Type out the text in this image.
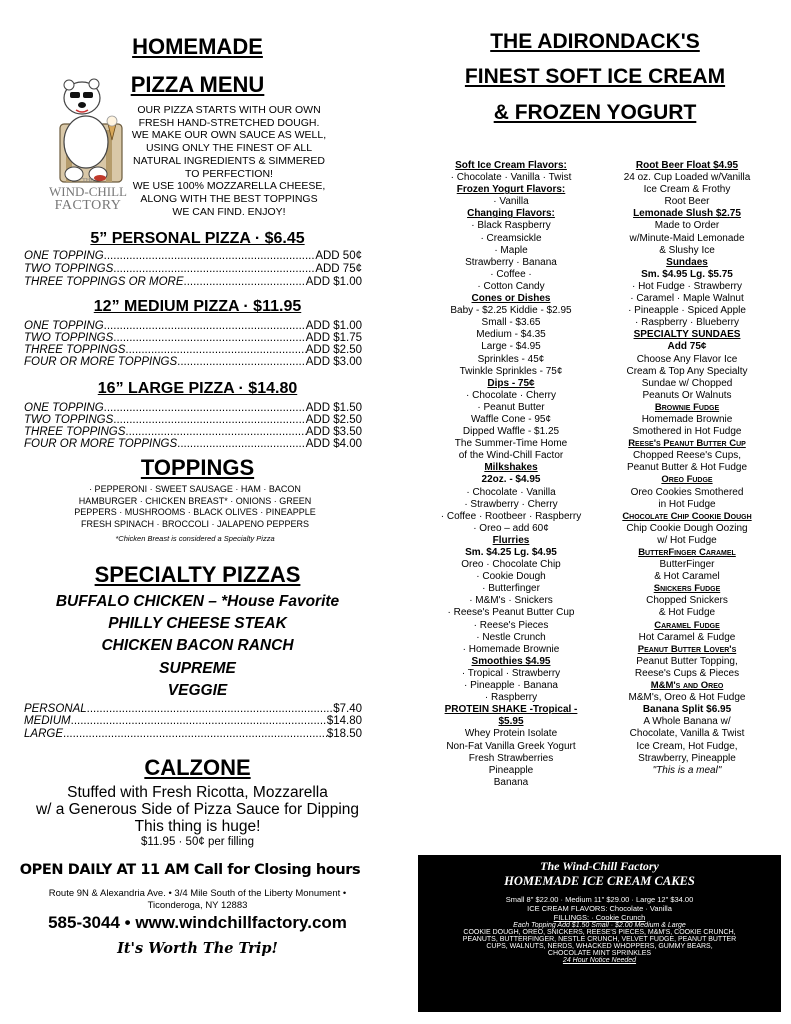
HOMEMADE
PIZZA MENU
THE
WIND-CHILL
FACTORY
OUR PIZZA STARTS WITH OUR OWN
FRESH HAND-STRETCHED DOUGH.
WE MAKE OUR OWN SAUCE AS WELL,
USING ONLY THE FINEST OF ALL
NATURAL INGREDIENTS & SIMMERED
TO PERFECTION!
WE USE 100% MOZZARELLA CHEESE,
ALONG WITH THE BEST TOPPINGS
WE CAN FIND. ENJOY!
5” PERSONAL PIZZA · $6.45
ONE TOPPING .....	ADD 50¢
TWO TOPPINGS .....	ADD 75¢
THREE TOPPINGS OR MORE .....	ADD $1.00
12” MEDIUM PIZZA · $11.95
ONE TOPPING .....	ADD $1.00
TWO TOPPINGS .....	ADD $1.75
THREE TOPPINGS .....	ADD $2.50
FOUR OR MORE TOPPINGS .....	ADD $3.00
16” LARGE PIZZA · $14.80
ONE TOPPING .....	ADD $1.50
TWO TOPPINGS .....	ADD $2.50
THREE TOPPINGS .....	ADD $3.50
FOUR OR MORE TOPPINGS .....	ADD $4.00
TOPPINGS
· PEPPERONI · SWEET SAUSAGE · HAM · BACON
HAMBURGER · CHICKEN BREAST* · ONIONS · GREEN
PEPPERS · MUSHROOMS · BLACK OLIVES · PINEAPPLE
FRESH SPINACH · BROCCOLI · JALAPENO PEPPERS
*Chicken Breast is considered a Specialty Pizza
SPECIALTY PIZZAS
BUFFALO CHICKEN – *House Favorite
PHILLY CHEESE STEAK
CHICKEN BACON RANCH
SUPREME
VEGGIE
PERSONAL .....	$7.40
MEDIUM .....	$14.80
LARGE .....	$18.50
CALZONE
Stuffed with Fresh Ricotta, Mozzarella
w/ a Generous Side of Pizza Sauce for Dipping
This thing is huge!
$11.95 · 50¢ per filling
OPEN DAILY AT 11 AM Call for Closing hours
Route 9N & Alexandria Ave. • 3/4 Mile South of the Liberty Monument •
Ticonderoga, NY 12883
585-3044 • www.windchillfactory.com
It's Worth The Trip!
THE ADIRONDACK'S
FINEST SOFT ICE CREAM
& FROZEN YOGURT
Soft Ice Cream Flavors:
· Chocolate · Vanilla · Twist
Frozen Yogurt Flavors:
· Vanilla
Changing Flavors:
· Black Raspberry
· Creamsickle
· Maple
Strawberry · Banana
· Coffee ·
· Cotton Candy
Cones or Dishes
Baby - $2.25 Kiddie - $2.95
Small - $3.65
Medium - $4.35
Large - $4.95
Sprinkles - 45¢
Twinkle Sprinkles - 75¢
Dips - 75¢
· Chocolate · Cherry
· Peanut Butter
Waffle Cone - 95¢
Dipped Waffle - $1.25
The Summer-Time Home
of the Wind-Chill Factor
Milkshakes
22oz. - $4.95
· Chocolate · Vanilla
· Strawberry · Cherry
· Coffee · Rootbeer · Raspberry
· Oreo – add 60¢
Flurries
Sm. $4.25 Lg. $4.95
Oreo · Chocolate Chip
· Cookie Dough
· Butterfinger
· M&M's · Snickers
· Reese's Peanut Butter Cup
· Reese's Pieces
· Nestle Crunch
· Homemade Brownie
Smoothies $4.95
· Tropical · Strawberry
· Pineapple · Banana
· Raspberry
PROTEIN SHAKE -Tropical -
$5.95
Whey Protein Isolate
Non-Fat Vanilla Greek Yogurt
Fresh Strawberries
Pineapple
Banana
Root Beer Float $4.95
24 oz. Cup Loaded w/Vanilla
Ice Cream & Frothy
Root Beer
Lemonade Slush $2.75
Made to Order
w/Minute-Maid Lemonade
& Slushy Ice
Sundaes
Sm. $4.95 Lg. $5.75
· Hot Fudge · Strawberry
· Caramel · Maple Walnut
· Pineapple · Spiced Apple
· Raspberry · Blueberry
SPECIALTY SUNDAES
Add 75¢
Choose Any Flavor Ice
Cream & Top Any Specialty
Sundae w/ Chopped
Peanuts Or Walnuts
Brownie Fudge
Homemade Brownie
Smothered in Hot Fudge
Reese's Peanut Butter Cup
Chopped Reese's Cups,
Peanut Butter & Hot Fudge
Oreo Fudge
Oreo Cookies Smothered
in Hot Fudge
Chocolate Chip Cookie Dough
Chip Cookie Dough Oozing
w/ Hot Fudge
ButterFinger Caramel
ButterFinger
& Hot Caramel
Snickers Fudge
Chopped Snickers
& Hot Fudge
Caramel Fudge
Hot Caramel & Fudge
Peanut Butter Lover's
Peanut Butter Topping,
Reese's Cups & Pieces
M&M's and Oreo
M&M's, Oreo & Hot Fudge
Banana Split $6.95
A Whole Banana w/
Chocolate, Vanilla & Twist
Ice Cream, Hot Fudge,
Strawberry, Pineapple
"This is a meal"
The Wind-Chill Factory
HOMEMADE ICE CREAM CAKES
Small 8" $22.00 · Medium 11" $29.00 · Large 12" $34.00
ICE CREAM FLAVORS: Chocolate · Vanilla
FILLINGS: · Cookie Crunch
Each Topping Add $1.50 Small · $2.00 Medium & Large
COOKIE DOUGH, OREO, SNICKERS, REESE'S PIECES, M&M'S, COOKIE CRUNCH,
PEANUTS, BUTTERFINGER, NESTLE CRUNCH, VELVET FUDGE, PEANUT BUTTER
CUPS, WALNUTS, NERDS, WHACKED WHOPPERS, GUMMY BEARS,
CHOCOLATE MINT SPRINKLES
24 Hour Notice Needed
